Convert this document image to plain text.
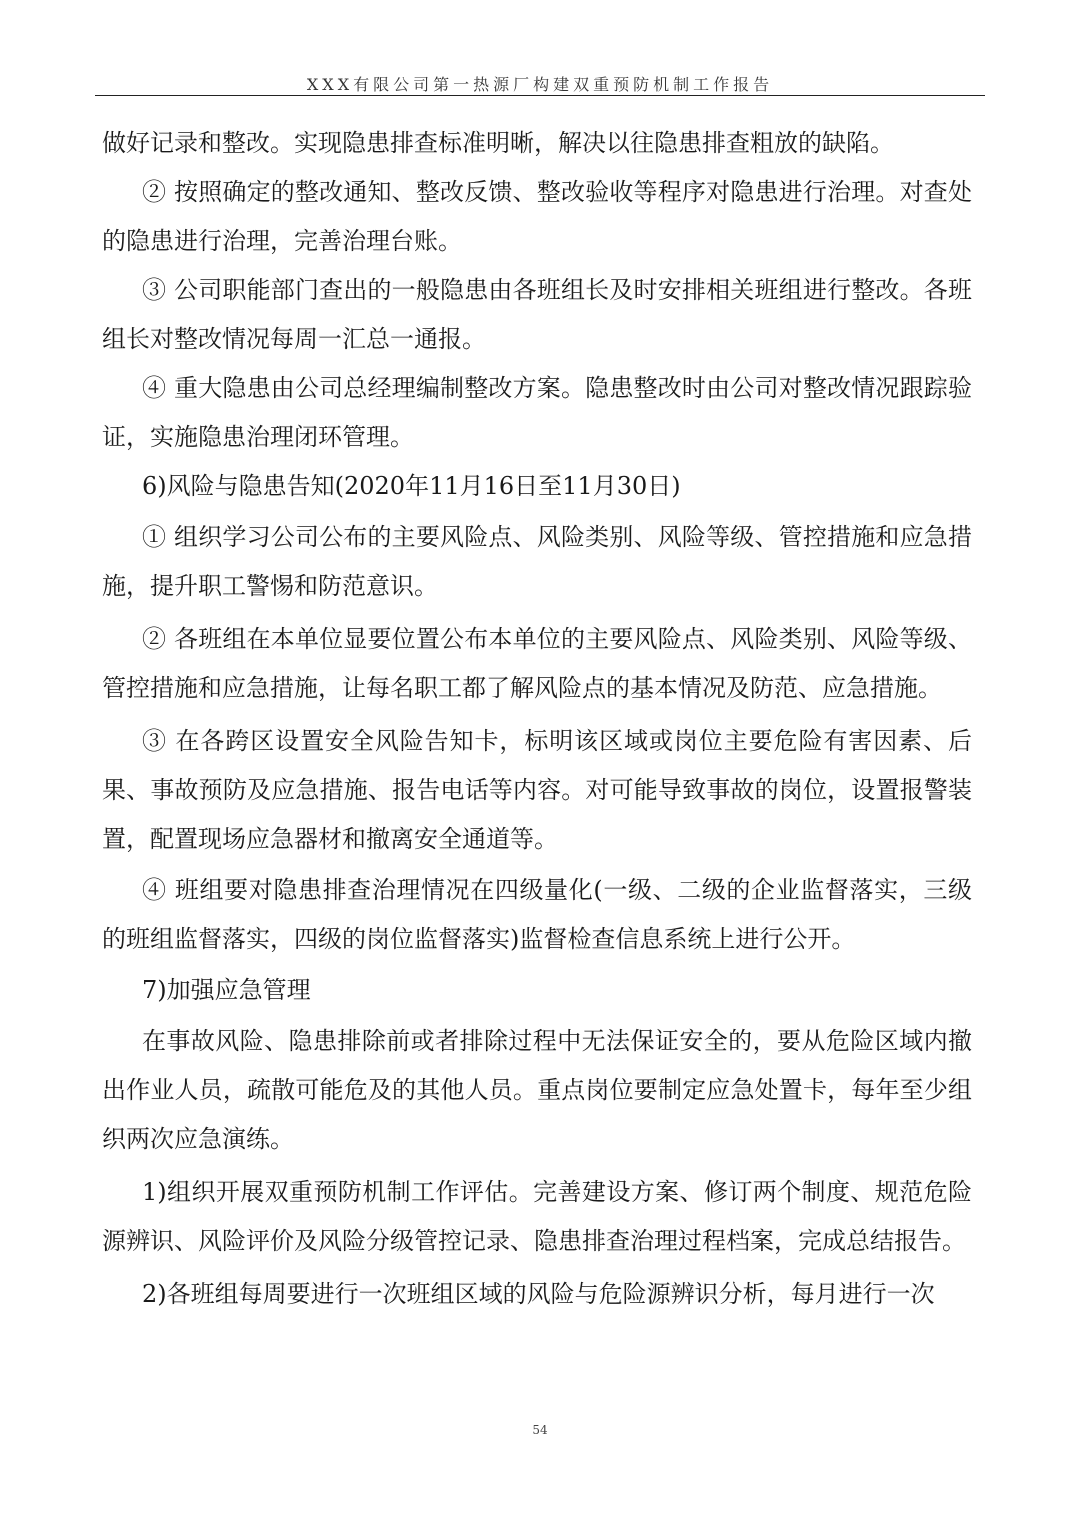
XXX有限公司第一热源厂构建双重预防机制工作报告

做好记录和整改。实现隐患排查标准明晰，解决以往隐患排查粗放的缺陷。

② 按照确定的整改通知、整改反馈、整改验收等程序对隐患进行治理。对查处的隐患进行治理，完善治理台账。

③ 公司职能部门查出的一般隐患由各班组长及时安排相关班组进行整改。各班组长对整改情况每周一汇总一通报。

④ 重大隐患由公司总经理编制整改方案。隐患整改时由公司对整改情况跟踪验证，实施隐患治理闭环管理。

6)风险与隐患告知(2020年11月16日至11月30日)

① 组织学习公司公布的主要风险点、风险类别、风险等级、管控措施和应急措施，提升职工警惕和防范意识。

② 各班组在本单位显要位置公布本单位的主要风险点、风险类别、风险等级、管控措施和应急措施，让每名职工都了解风险点的基本情况及防范、应急措施。

③ 在各跨区设置安全风险告知卡，标明该区域或岗位主要危险有害因素、后果、事故预防及应急措施、报告电话等内容。对可能导致事故的岗位，设置报警装置，配置现场应急器材和撤离安全通道等。

④ 班组要对隐患排查治理情况在四级量化(一级、二级的企业监督落实，三级的班组监督落实，四级的岗位监督落实)监督检查信息系统上进行公开。

7)加强应急管理

在事故风险、隐患排除前或者排除过程中无法保证安全的，要从危险区域内撤出作业人员，疏散可能危及的其他人员。重点岗位要制定应急处置卡，每年至少组织两次应急演练。

1)组织开展双重预防机制工作评估。完善建设方案、修订两个制度、规范危险源辨识、风险评价及风险分级管控记录、隐患排查治理过程档案，完成总结报告。

2)各班组每周要进行一次班组区域的风险与危险源辨识分析，每月进行一次

54
